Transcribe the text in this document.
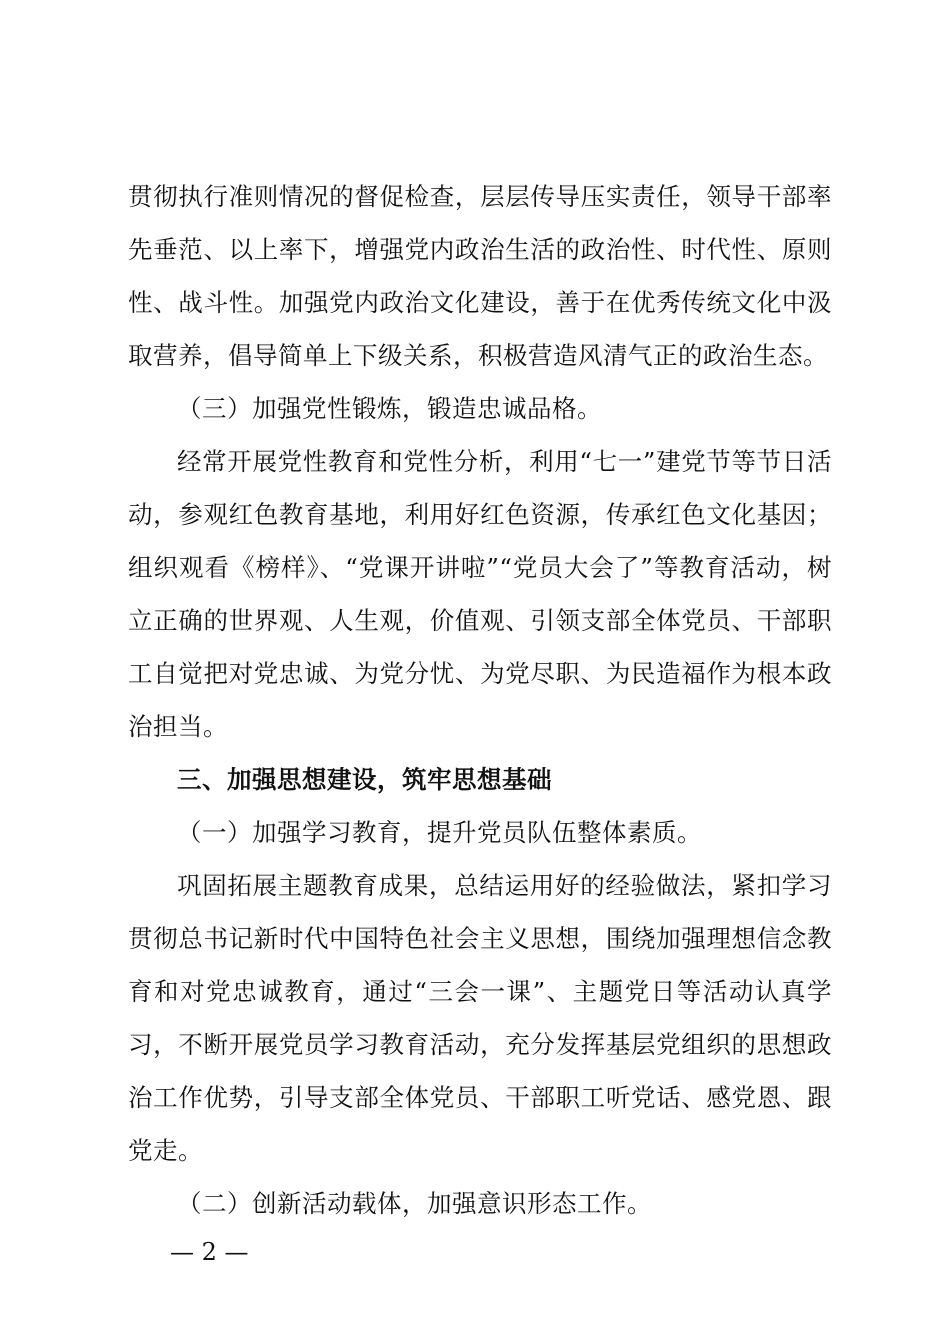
贯彻执行准则情况的督促检查，层层传导压实责任，领导干部率先垂范、以上率下，增强党内政治生活的政治性、时代性、原则性、战斗性。加强党内政治文化建设，善于在优秀传统文化中汲取营养，倡导简单上下级关系，积极营造风清气正的政治生态。

（三）加强党性锻炼，锻造忠诚品格。

经常开展党性教育和党性分析，利用“七一”建党节等节日活动，参观红色教育基地，利用好红色资源，传承红色文化基因；组织观看《榜样》、“党课开讲啦”“党员大会了”等教育活动，树立正确的世界观、人生观，价值观、引领支部全体党员、干部职工自觉把对党忠诚、为党分忧、为党尽职、为民造福作为根本政治担当。

三、加强思想建设，筑牢思想基础

（一）加强学习教育，提升党员队伍整体素质。

巩固拓展主题教育成果，总结运用好的经验做法，紧扣学习贯彻总书记新时代中国特色社会主义思想，围绕加强理想信念教育和对党忠诚教育，通过“三会一课”、主题党日等活动认真学习，不断开展党员学习教育活动，充分发挥基层党组织的思想政治工作优势，引导支部全体党员、干部职工听党话、感党恩、跟党走。

（二）创新活动载体，加强意识形态工作。

— 2 —
